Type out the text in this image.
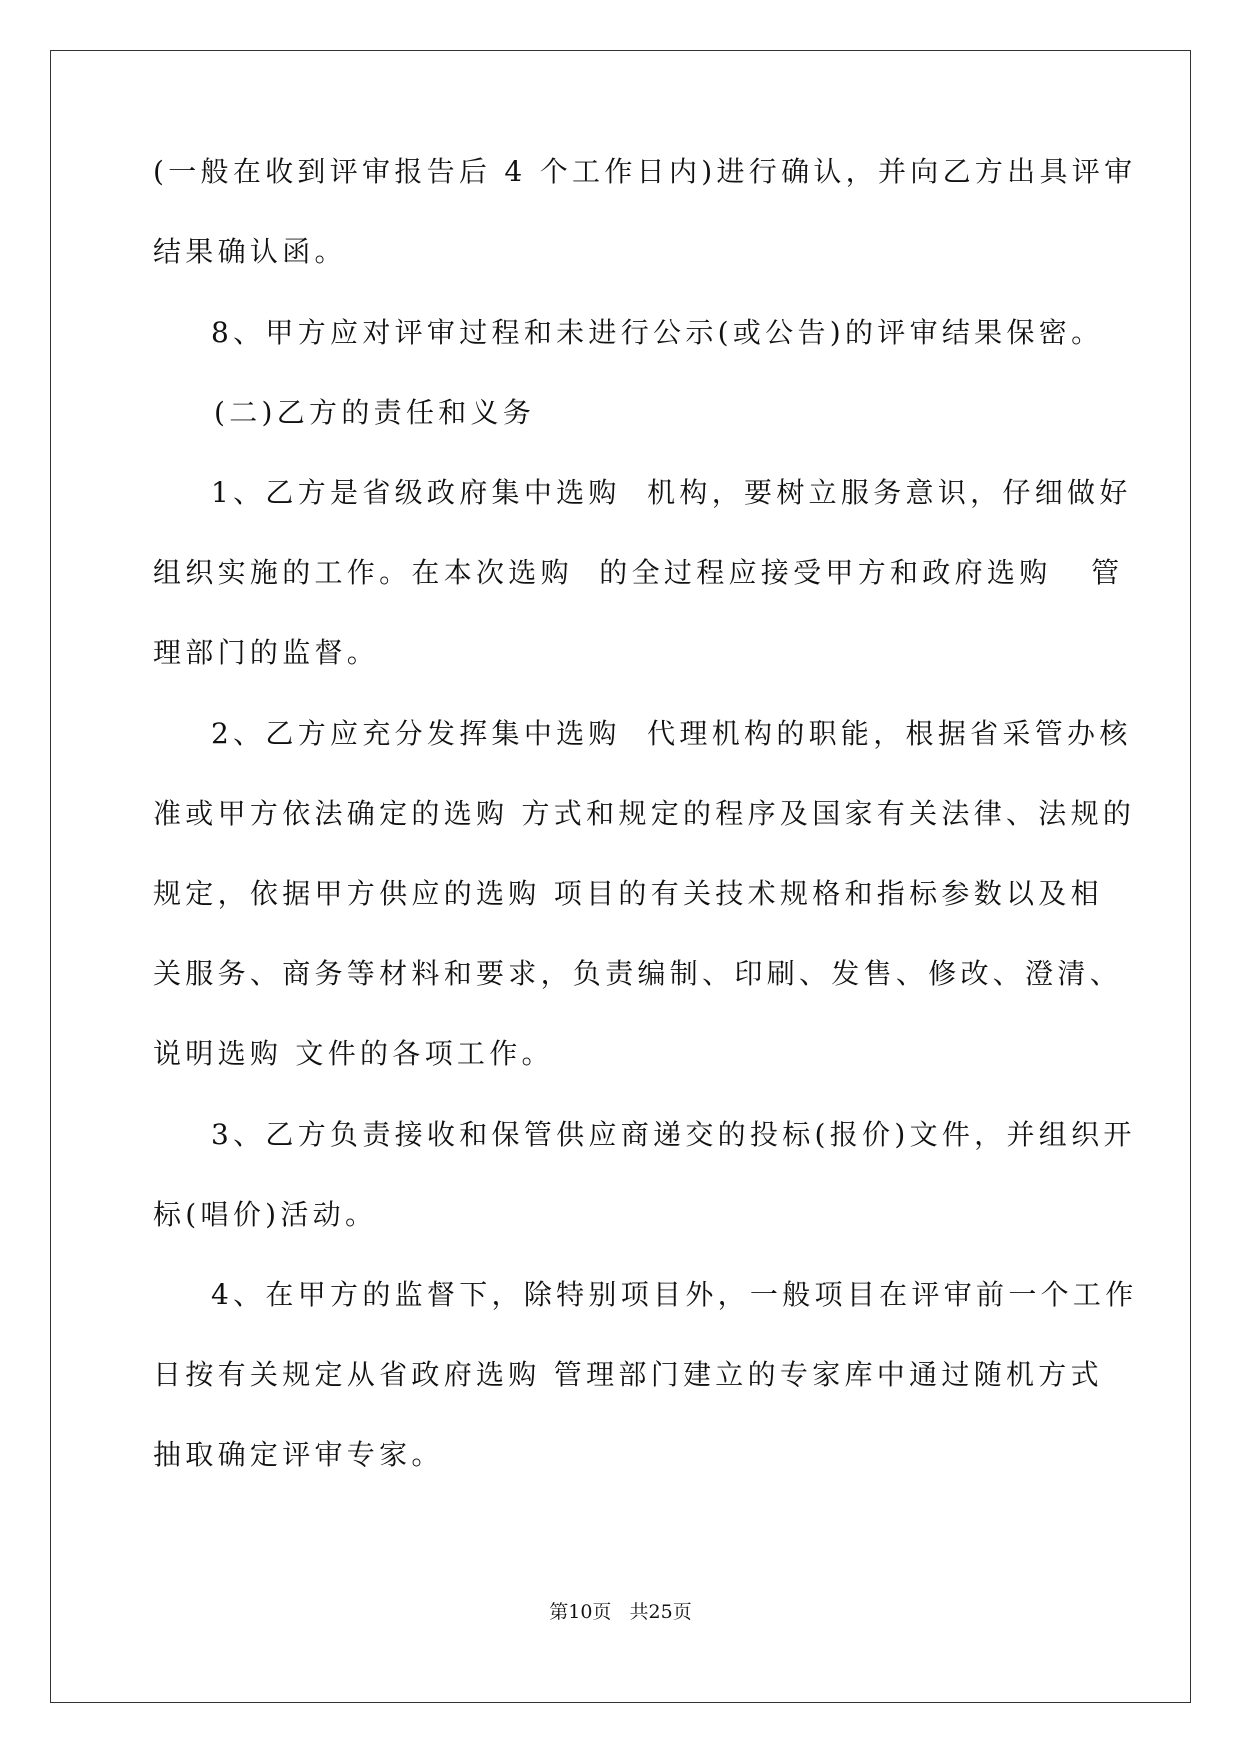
(一般在收到评审报告后 4 个工作日内)进行确认，并向乙方出具评审
结果确认函。
8、甲方应对评审过程和未进行公示(或公告)的评审结果保密。
(二)乙方的责任和义务
1、乙方是省级政府集中选购  机构，要树立服务意识，仔细做好
组织实施的工作。在本次选购  的全过程应接受甲方和政府选购   管
理部门的监督。
2、乙方应充分发挥集中选购  代理机构的职能，根据省采管办核
准或甲方依法确定的选购 方式和规定的程序及国家有关法律、法规的
规定，依据甲方供应的选购 项目的有关技术规格和指标参数以及相
关服务、商务等材料和要求，负责编制、印刷、发售、修改、澄清、
说明选购 文件的各项工作。
3、乙方负责接收和保管供应商递交的投标(报价)文件，并组织开
标(唱价)活动。
4、在甲方的监督下，除特别项目外，一般项目在评审前一个工作
日按有关规定从省政府选购 管理部门建立的专家库中通过随机方式
抽取确定评审专家。
第10页   共25页
